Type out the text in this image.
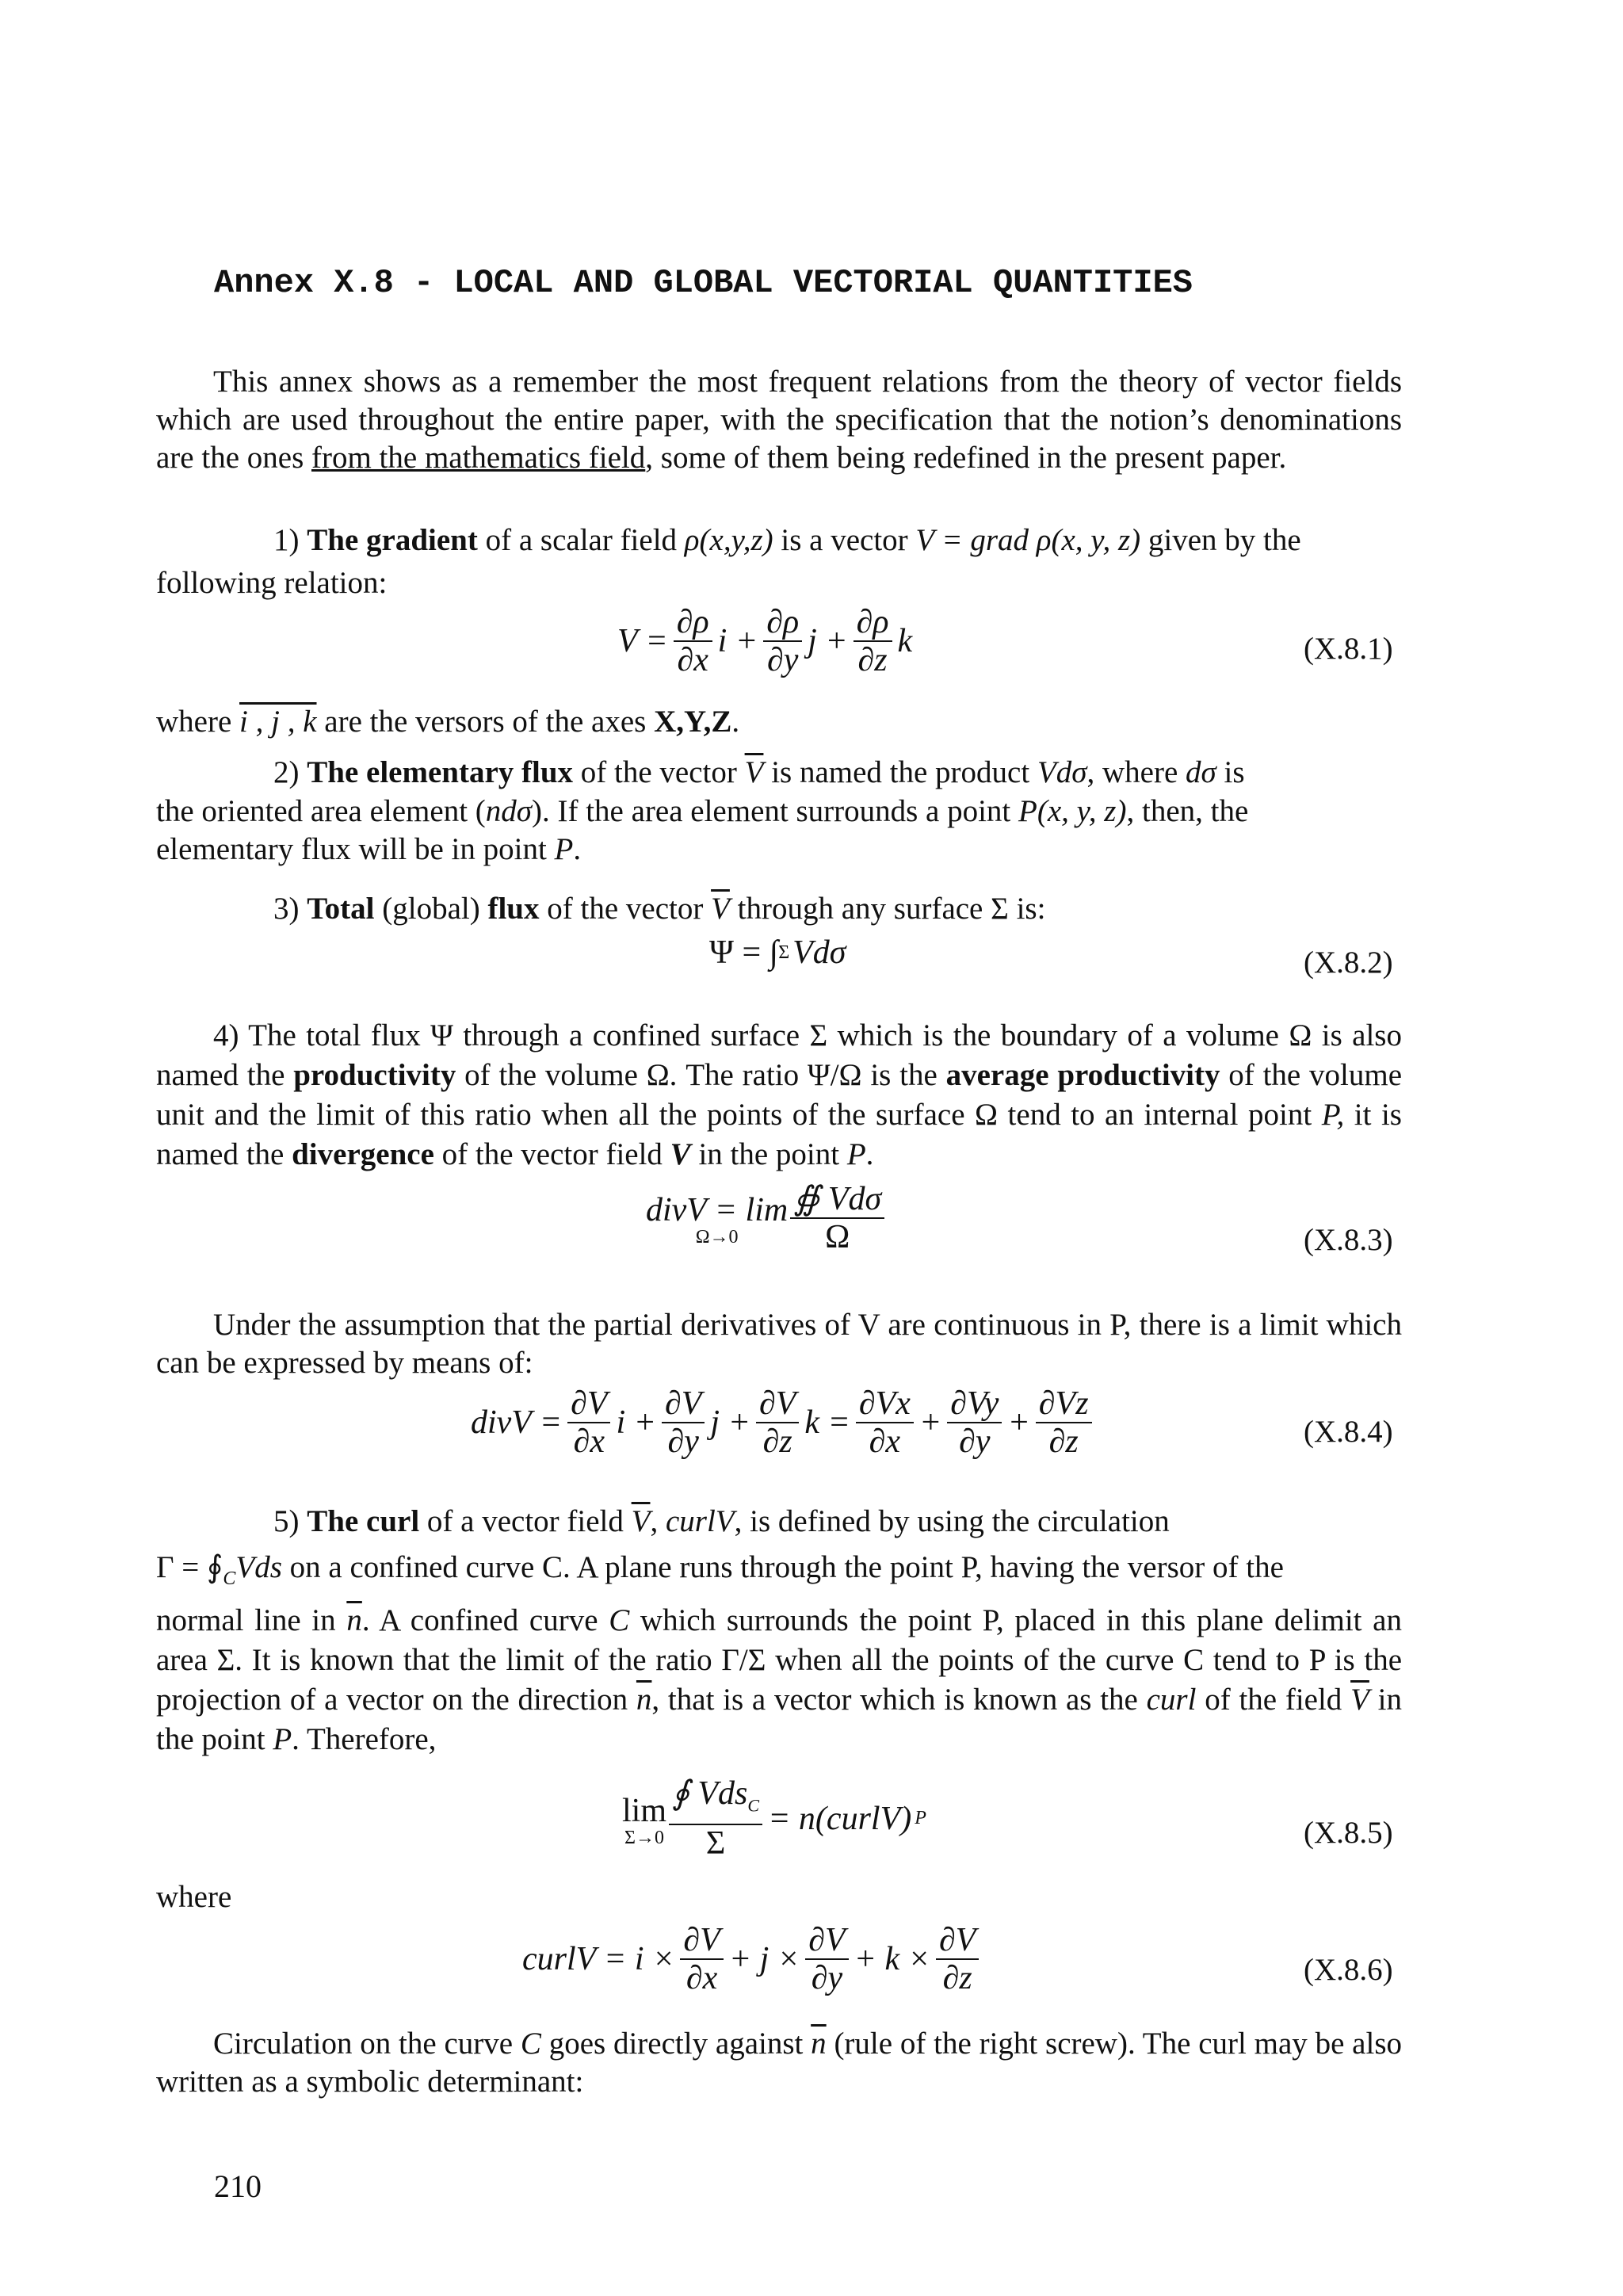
Annex X.8 - LOCAL AND GLOBAL VECTORIAL QUANTITIES
This annex shows as a remember the most frequent relations from the theory of vector fields which are used throughout the entire paper, with the specification that the notion’s denominations are the ones from the mathematics field, some of them being redefined in the present paper.
1) The gradient of a scalar field ρ(x,y,z) is a vector V = grad ρ(x, y, z) given by the
following relation:
$V = \frac{\partial\rho}{\partial x}$ $i + \frac{\partial\rho}{\partial y}$ $j + \frac{\partial\rho}{\partial z}$ k	(X.8.1)
where i , j , k are the versors of the axes X,Y,Z.
2) The elementary flux of the vector $\overline{V}$ is named the product Vdσ, where dσ is
the oriented area element (ndσ). If the area element surrounds a point P(x, y, z), then, the
elementary flux will be in point P.
3) Total (global) flux of the vector $\overline{V}$ through any surface Σ is:
Ψ = ∫ Σ Vdσ	(X.8.2)
4) The total flux Ψ through a confined surface Σ which is the boundary of a volume Ω is also named the productivity of the volume Ω. The ratio Ψ/Ω is the average productivity of the volume unit and the limit of this ratio when all the points of the surface Ω tend to an internal point P, it is named the divergence of the vector field V in the point P.
divV = lim
Ω→0	$\frac{\text{∯ Vdσ}}{\Omega}$	(X.8.3)
Under the assumption that the partial derivatives of V are continuous in P, there is a limit which can be expressed by means of:
divV = $\frac{\partial V}{\partial x}$ $i + \frac{\partial V}{\partial y}$ $j + \frac{\partial V}{\partial z}$ $k = \frac{\partial Vx}{\partial x} + \frac{\partial Vy}{\partial y} + \frac{\partial Vz}{\partial z}$	(X.8.4)
5) The curl of a vector field $\overline{V}$, curlV, is defined by using the circulation
$\Gamma = ∮_CVds$ on a confined curve C. A plane runs through the point P, having the versor of the
normal line in $\overline{n}$. A confined curve C which surrounds the point P, placed in this plane delimit an area Σ. It is known that the limit of the ratio Γ/Σ when all the points of the curve C tend to P is the projection of a vector on the direction $\overline{n}$, that is a vector which is known as the curl of the field $\overline{V}$ in the point P. Therefore,
lim
$\Sigma\to 0 \frac{∮ Vds_C}{\Sigma}$ = n(curlV) P	(X.8.5)
where
curlV = $i \times \frac{\partial V}{\partial x} + j \times \frac{\partial V}{\partial y} + k \times \frac{\partial V}{\partial z}$	(X.8.6)
Circulation on the curve C goes directly against $\overline{n}$ (rule of the right screw). The curl may be also written as a symbolic determinant:
210
